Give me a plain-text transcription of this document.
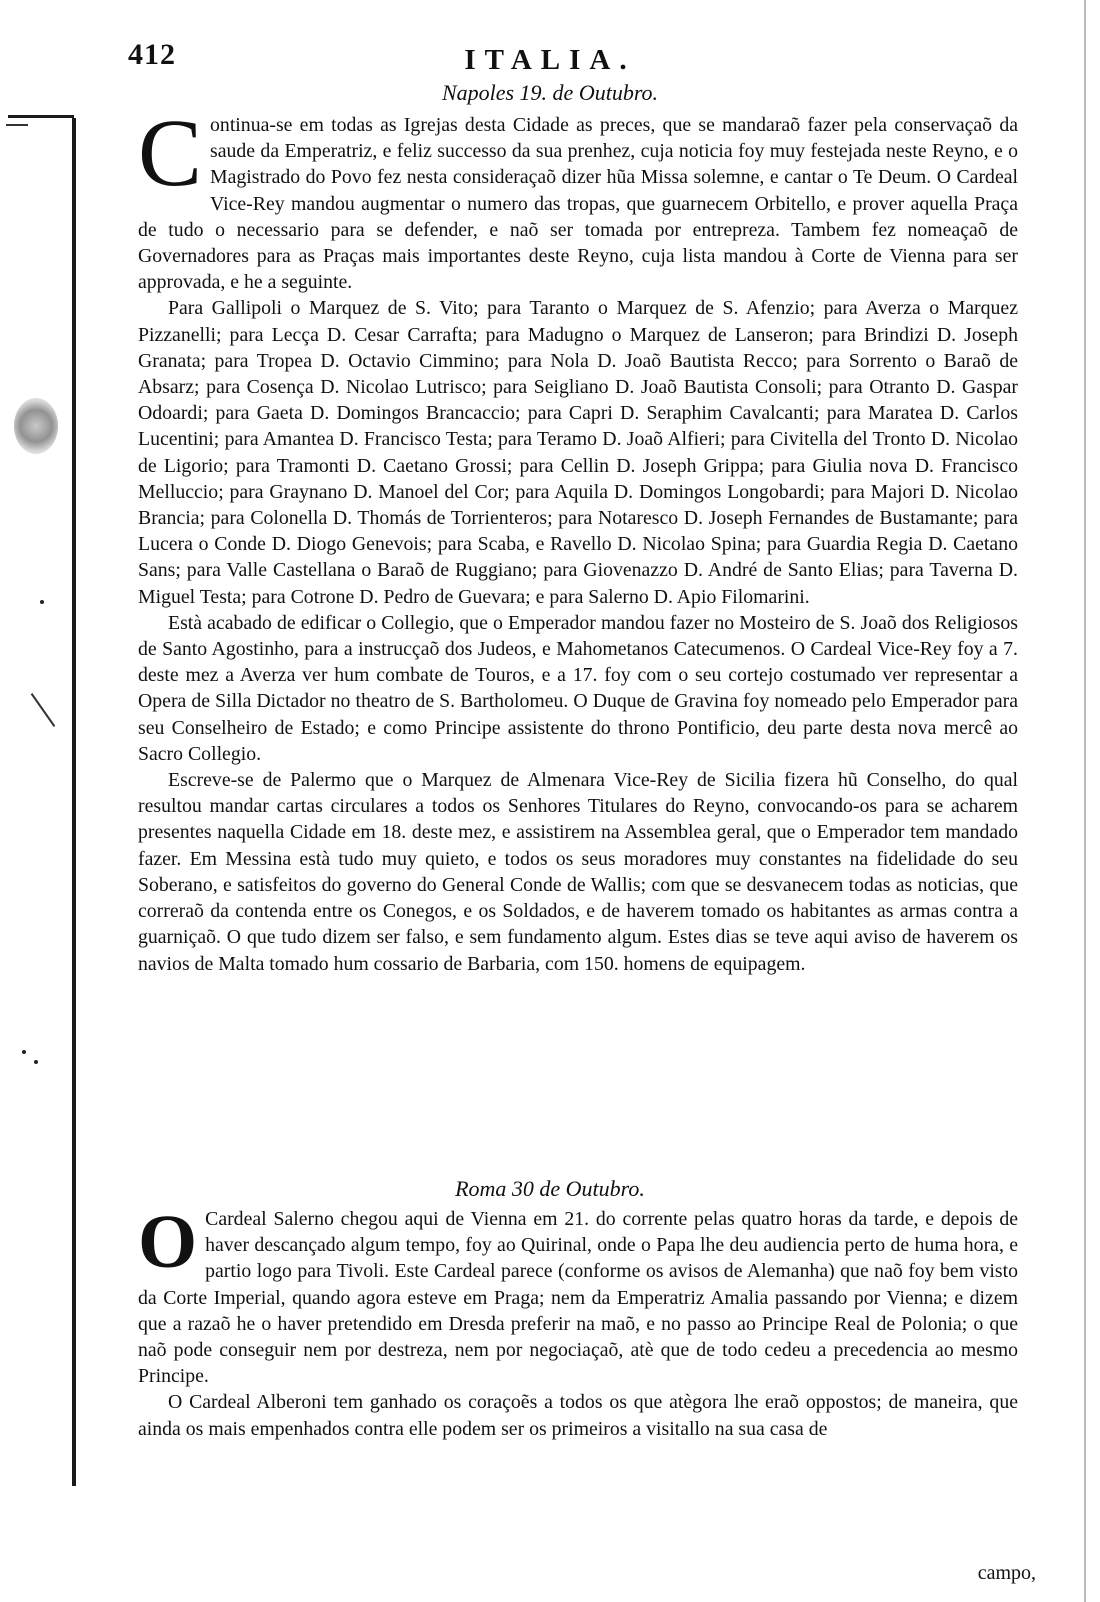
412	ITALIA.
Napoles 19. de Outubro.

Continua-se em todas as Igrejas desta Cidade as preces, que se mandaraõ fazer pela conservaçaõ da saude da Emperatriz, e feliz successo da sua prenhez, cuja noticia foy muy festejada neste Reyno, e o Magistrado do Povo fez nesta consideraçaõ dizer hũa Missa solemne, e cantar o Te Deum. O Cardeal Vice-Rey mandou augmentar o numero das tropas, que guarnecem Orbitello, e prover aquella Praça de tudo o necessario para se defender, e naõ ser tomada por entrepreza. Tambem fez nomeaçaõ de Governadores para as Praças mais importantes deste Reyno, cuja lista mandou à Corte de Vienna para ser approvada, e he a seguinte.

Para Gallipoli o Marquez de S. Vito; para Taranto o Marquez de S. Afenzio; para Averza o Marquez Pizzanelli; para Lecça D. Cesar Carrafta; para Madugno o Marquez de Lanseron; para Brindizi D. Joseph Granata; para Tropea D. Octavio Cimmino; para Nola D. Joaõ Bautista Recco; para Sorrento o Baraõ de Absarz; para Cosença D. Nicolao Lutrisco; para Seigliano D. Joaõ Bautista Consoli; para Otranto D. Gaspar Odoardi; para Gaeta D. Domingos Brancaccio; para Capri D. Seraphim Cavalcanti; para Maratea D. Carlos Lucentini; para Amantea D. Francisco Testa; para Teramo D. Joaõ Alfieri; para Civitella del Tronto D. Nicolao de Ligorio; para Tramonti D. Caetano Grossi; para Cellin D. Joseph Grippa; para Giulia nova D. Francisco Melluccio; para Graynano D. Manoel del Cor; para Aquila D. Domingos Longobardi; para Majori D. Nicolao Brancia; para Colonella D. Thomás de Torrienteros; para Notaresco D. Joseph Fernandes de Bustamante; para Lucera o Conde D. Diogo Genevois; para Scaba, e Ravello D. Nicolao Spina; para Guardia Regia D. Caetano Sans; para Valle Castellana o Baraõ de Ruggiano; para Giovenazzo D. André de Santo Elias; para Taverna D. Miguel Testa; para Cotrone D. Pedro de Guevara; e para Salerno D. Apio Filomarini.

Està acabado de edificar o Collegio, que o Emperador mandou fazer no Mosteiro de S. Joaõ dos Religiosos de Santo Agostinho, para a instrucçaõ dos Judeos, e Mahometanos Catecumenos. O Cardeal Vice-Rey foy a 7. deste mez a Averza ver hum combate de Touros, e a 17. foy com o seu cortejo costumado ver representar a Opera de Silla Dictador no theatro de S. Bartholomeu. O Duque de Gravina foy nomeado pelo Emperador para seu Conselheiro de Estado; e como Principe assistente do throno Pontificio, deu parte desta nova mercê ao Sacro Collegio.

Escreve-se de Palermo que o Marquez de Almenara Vice-Rey de Sicilia fizera hũ Conselho, do qual resultou mandar cartas circulares a todos os Senhores Titulares do Reyno, convocando-os para se acharem presentes naquella Cidade em 18. deste mez, e assistirem na Assemblea geral, que o Emperador tem mandado fazer. Em Messina està tudo muy quieto, e todos os seus moradores muy constantes na fidelidade do seu Soberano, e satisfeitos do governo do General Conde de Wallis; com que se desvanecem todas as noticias, que correraõ da contenda entre os Conegos, e os Soldados, e de haverem tomado os habitantes as armas contra a guarniçaõ. O que tudo dizem ser falso, e sem fundamento algum. Estes dias se teve aqui aviso de haverem os navios de Malta tomado hum cossario de Barbaria, com 150. homens de equipagem.

Roma 30 de Outubro.

O Cardeal Salerno chegou aqui de Vienna em 21. do corrente pelas quatro horas da tarde, e depois de haver descançado algum tempo, foy ao Quirinal, onde o Papa lhe deu audiencia perto de huma hora, e partio logo para Tivoli. Este Cardeal parece (conforme os avisos de Alemanha) que naõ foy bem visto da Corte Imperial, quando agora esteve em Praga; nem da Emperatriz Amalia passando por Vienna; e dizem que a razaõ he o haver pretendido em Dresda preferir na maõ, e no passo ao Principe Real de Polonia; o que naõ pode conseguir nem por destreza, nem por negociaçaõ, atè que de todo cedeu a precedencia ao mesmo Principe.

O Cardeal Alberoni tem ganhado os coraçoẽs a todos os que atègora lhe eraõ oppostos; de maneira, que ainda os mais empenhados contra elle podem ser os primeiros a visitallo na sua casa de

campo,
